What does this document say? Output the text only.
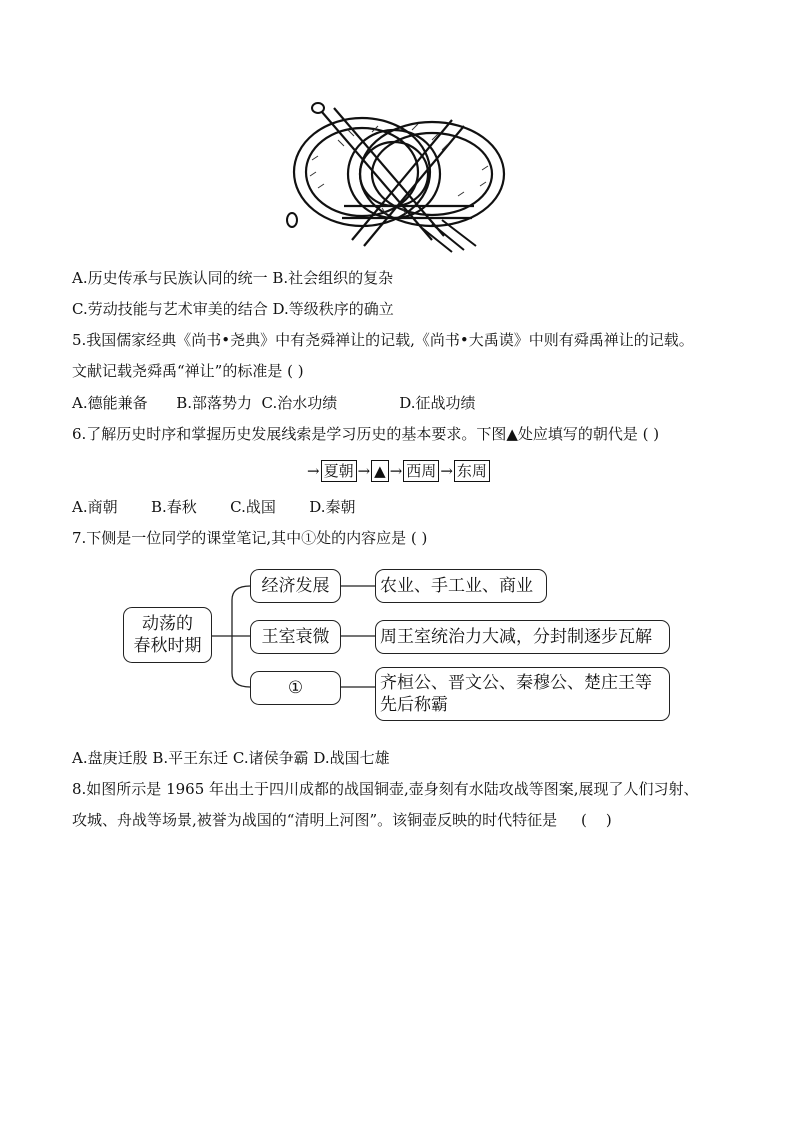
A.历史传承与民族认同的统一 B.社会组织的复杂
C.劳动技能与艺术审美的结合 D.等级秩序的确立
5.我国儒家经典《尚书•尧典》中有尧舜禅让的记载,《尚书•大禹谟》中则有舜禹禅让的记载。
文献记载尧舜禹“禅让”的标准是 ( )
A.德能兼备      B.部落势力  C.治水功绩             D.征战功绩
6.了解历史时序和掌握历史发展线索是学习历史的基本要求。下图▲处应填写的朝代是 ( )
→ 夏朝 → ▲ → 西周 → 东周
A.商朝       B.春秋       C.战国       D.秦朝
7.下侧是一位同学的课堂笔记,其中①处的内容应是 ( )
动荡的
春秋时期
经济发展
王室衰微
①
农业、手工业、商业
周王室统治力大减，分封制逐步瓦解
齐桓公、晋文公、秦穆公、楚庄王等
先后称霸
A.盘庚迁殷 B.平王东迁 C.诸侯争霸 D.战国七雄
8.如图所示是 1965 年出土于四川成都的战国铜壶,壶身刻有水陆攻战等图案,展现了人们习射、
攻城、舟战等场景,被誉为战国的“清明上河图”。该铜壶反映的时代特征是     (    )
